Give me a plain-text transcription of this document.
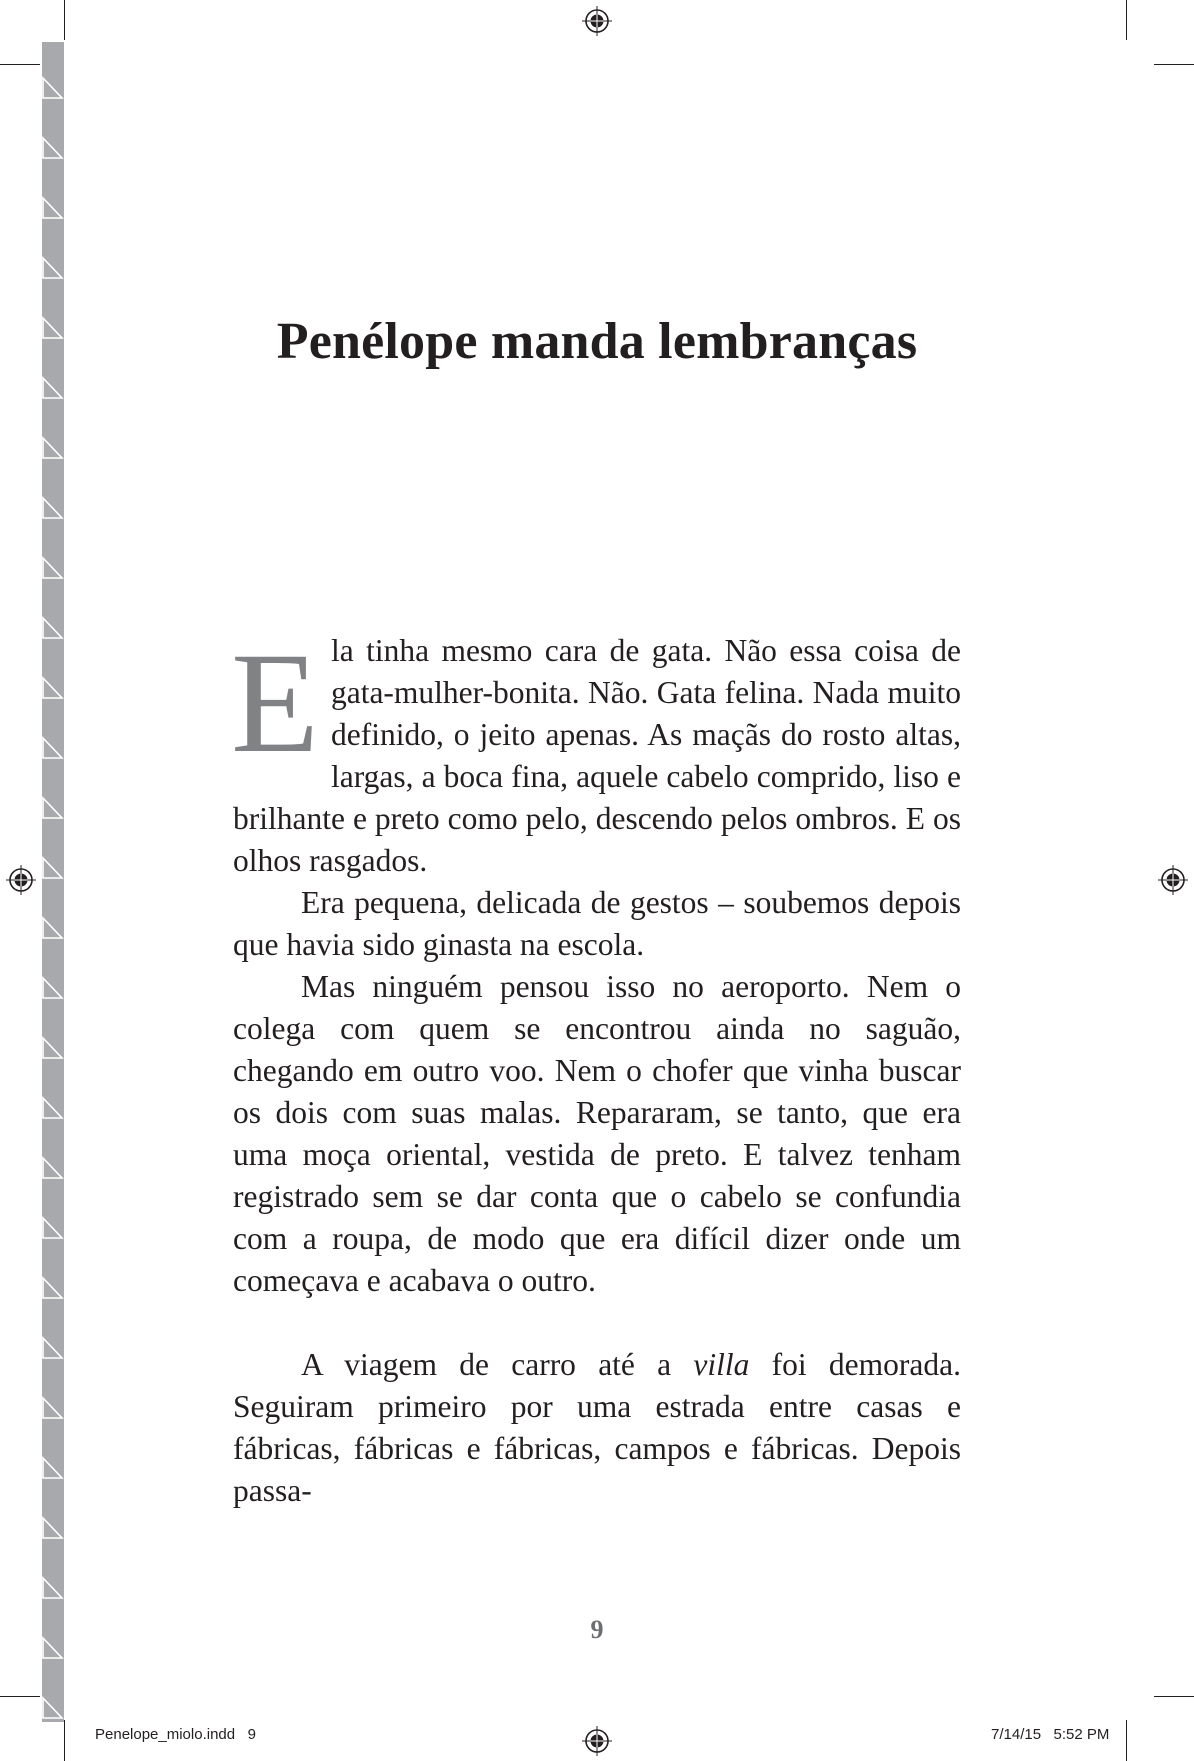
Penélope manda lembranças

Ela tinha mesmo cara de gata. Não essa coisa de gata-mulher-bonita. Não. Gata felina. Nada muito definido, o jeito apenas. As maçãs do rosto altas, largas, a boca fina, aquele cabelo comprido, liso e brilhante e preto como pelo, descendo pelos ombros. E os olhos rasgados.

Era pequena, delicada de gestos – soubemos depois que havia sido ginasta na escola.

Mas ninguém pensou isso no aeroporto. Nem o colega com quem se encontrou ainda no saguão, chegando em outro voo. Nem o chofer que vinha buscar os dois com suas malas. Repararam, se tanto, que era uma moça oriental, vestida de preto. E talvez tenham registrado sem se dar conta que o cabelo se confundia com a roupa, de modo que era difícil dizer onde um começava e acabava o outro.

A viagem de carro até a villa foi demorada. Seguiram primeiro por uma estrada entre casas e fábricas, fábricas e fábricas, campos e fábricas. Depois passa-

9
Penelope_miolo.indd   9	7/14/15   5:52 PM
